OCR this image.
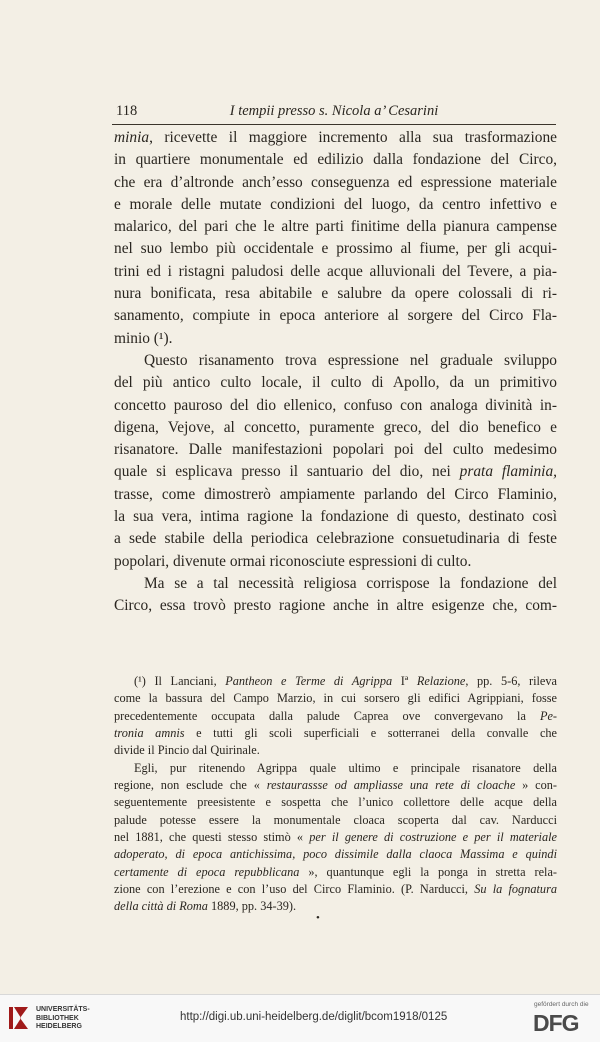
118	I tempii presso s. Nicola a’ Cesarini
minia, ricevette il maggiore incremento alla sua trasformazione
in quartiere monumentale ed edilizio dalla fondazione del Circo,
che era d’altronde anch’esso conseguenza ed espressione materiale
e morale delle mutate condizioni del luogo, da centro infettivo e
malarico, del pari che le altre parti finitime della pianura campense
nel suo lembo più occidentale e prossimo al fiume, per gli acqui-
trini ed i ristagni paludosi delle acque alluvionali del Tevere, a pia-
nura bonificata, resa abitabile e salubre da opere colossali di ri-
sanamento, compiute in epoca anteriore al sorgere del Circo Fla-
minio (¹).
Questo risanamento trova espressione nel graduale sviluppo
del più antico culto locale, il culto di Apollo, da un primitivo
concetto pauroso del dio ellenico, confuso con analoga divinità in-
digena, Vejove, al concetto, puramente greco, del dio benefico e
risanatore. Dalle manifestazioni popolari poi del culto medesimo
quale si esplicava presso il santuario del dio, nei prata flaminia,
trasse, come dimostrerò ampiamente parlando del Circo Flaminio,
la sua vera, intima ragione la fondazione di questo, destinato così
a sede stabile della periodica celebrazione consuetudinaria di feste
popolari, divenute ormai riconosciute espressioni di culto.
Ma se a tal necessità religiosa corrispose la fondazione del
Circo, essa trovò presto ragione anche in altre esigenze che, com-
(¹) Il Lanciani, Pantheon e Terme di Agrippa Iª Relazione, pp. 5-6, rileva
come la bassura del Campo Marzio, in cui sorsero gli edifici Agrippiani, fosse
precedentemente occupata dalla palude Caprea ove convergevano la Pe-
tronia amnis e tutti gli scoli superficiali e sotterranei della convalle che
divide il Pincio dal Quirinale.
Egli, pur ritenendo Agrippa quale ultimo e principale risanatore della
regione, non esclude che « restaurassse od ampliasse una rete di cloache » con-
seguentemente preesistente e sospetta che l’unico collettore delle acque della
palude potesse essere la monumentale cloaca scoperta dal cav. Narducci
nel 1881, che questi stesso stimò « per il genere di costruzione e per il materiale
adoperato, di epoca antichissima, poco dissimile dalla claoca Massima e quindi
certamente di epoca repubblicana », quantunque egli la ponga in stretta rela-
zione con l’erezione e con l’uso del Circo Flaminio. (P. Narducci, Su la fognatura
della città di Roma 1889, pp. 34-39).
•
UNIVERSITÄTS-
BIBLIOTHEK
HEIDELBERG
http://digi.ub.uni-heidelberg.de/diglit/bcom1918/0125
gefördert durch die
DFG
